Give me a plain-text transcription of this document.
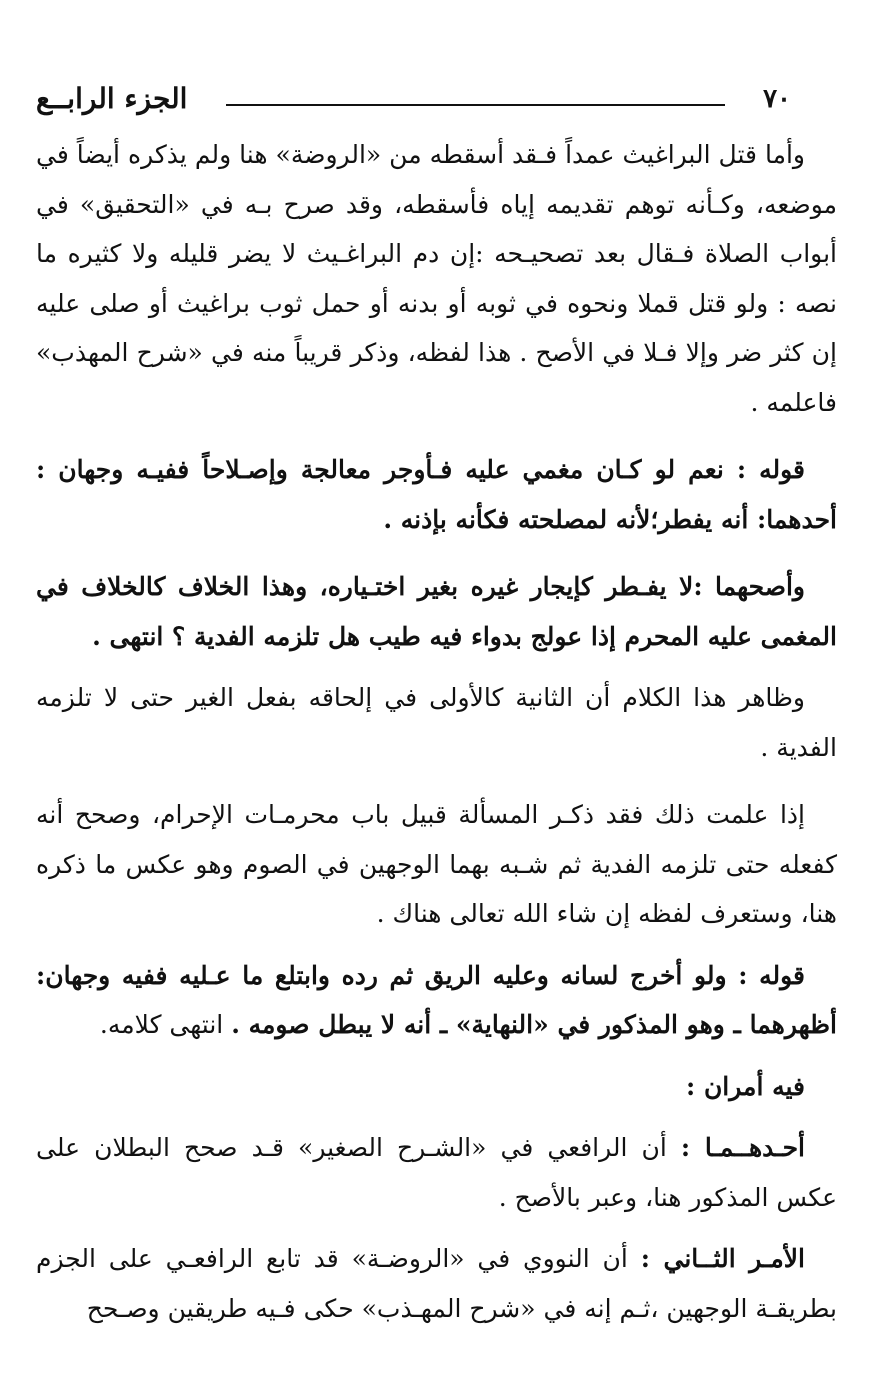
٧٠
الجزء الرابــع

وأما قتل البراغيث عمداً فـقد أسقطه من «الروضة» هنا ولم يذكره أيضاً في موضعه، وكـأنه توهم تقديمه إياه فأسقطه، وقد صرح بـه في «التحقيق» في أبواب الصلاة فـقال بعد تصحيـحه :إن دم البراغـيث لا يضر قليله ولا كثيره ما نصه : ولو قتل قملا ونحوه في ثوبه أو بدنه أو حمل ثوب براغيث أو صلى عليه إن كثر ضر وإلا فـلا في الأصح . هذا لفظه، وذكر قريباً منه في «شرح المهذب» فاعلمه .

قوله : نعم لو كـان مغمي عليه فـأوجر معالجة وإصـلاحاً ففيـه وجهان : أحدهما: أنه يفطر؛لأنه لمصلحته فكأنه بإذنه .

وأصحهما :لا يفـطر كإيجار غيره بغير اختـياره، وهذا الخلاف كالخلاف في المغمى عليه المحرم إذا عولج بدواء فيه طيب هل تلزمه الفدية ؟ انتهى .

وظاهر هذا الكلام أن الثانية كالأولى في إلحاقه بفعل الغير حتى لا تلزمه الفدية .

إذا علمت ذلك فقد ذكـر المسألة قبيل باب محرمـات الإحرام، وصحح أنه كفعله حتى تلزمه الفدية ثم شـبه بهما الوجهين في الصوم وهو عكس ما ذكره هنا، وستعرف لفظه إن شاء الله تعالى هناك .

قوله : ولو أخرج لسانه وعليه الريق ثم رده وابتلع ما عـليه ففيه وجهان: أظهرهما ـ وهو المذكور في «النهاية» ـ أنه لا يبطل صومه . انتهى كلامه.

فيه أمران :

أحـدهــمـا : أن الرافعي في «الشـرح الصغير» قـد صحح البطلان على عكس المذكور هنا، وعبر بالأصح .

الأمـر الثــاني : أن النووي في «الروضـة» قد تابع الرافعـي على الجزم بطريقـة الوجهين ،ثـم إنه في «شرح المهـذب» حكى فـيه طريقين وصـحح
